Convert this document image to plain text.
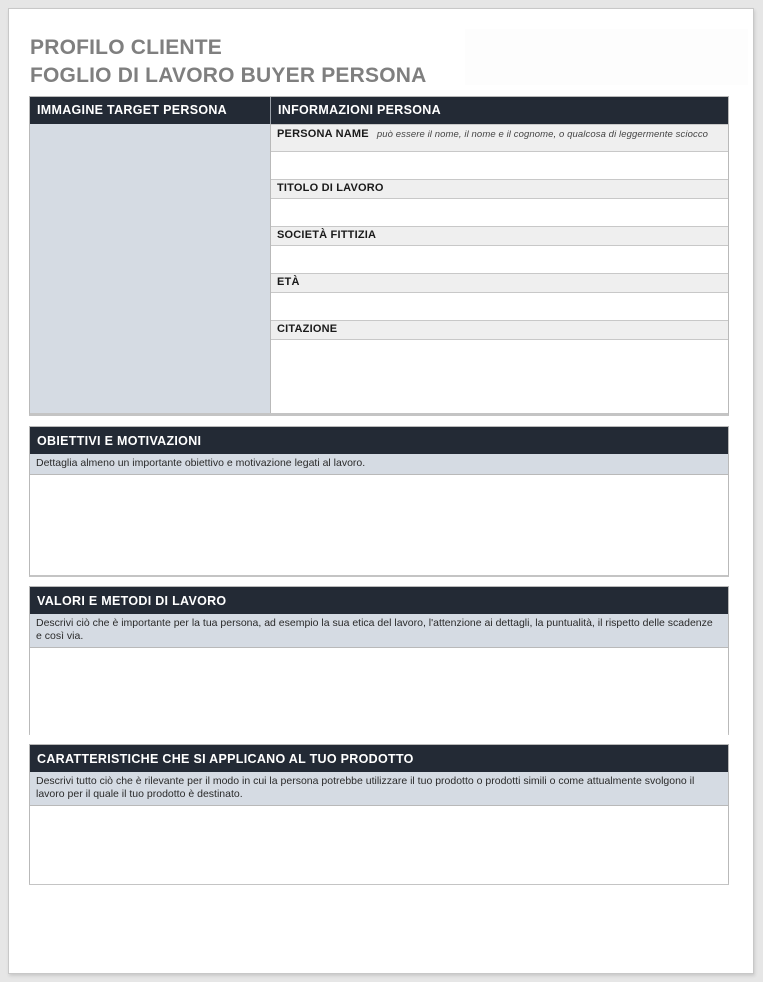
PROFILO CLIENTE
FOGLIO DI LAVORO BUYER PERSONA
IMMAGINE TARGET PERSONA	INFORMAZIONI PERSONA
PERSONA NAME può essere il nome, il nome e il cognome, o qualcosa di leggermente sciocco
TITOLO DI LAVORO
SOCIETÀ FITTIZIA
ETÀ
CITAZIONE
OBIETTIVI E MOTIVAZIONI
Dettaglia almeno un importante obiettivo e motivazione legati al lavoro.
VALORI E METODI DI LAVORO
Descrivi ciò che è importante per la tua persona, ad esempio la sua etica del lavoro, l'attenzione ai dettagli, la puntualità, il rispetto delle scadenze e così via.
CARATTERISTICHE CHE SI APPLICANO AL TUO PRODOTTO
Descrivi tutto ciò che è rilevante per il modo in cui la persona potrebbe utilizzare il tuo prodotto o prodotti simili o come attualmente svolgono il lavoro per il quale il tuo prodotto è destinato.
